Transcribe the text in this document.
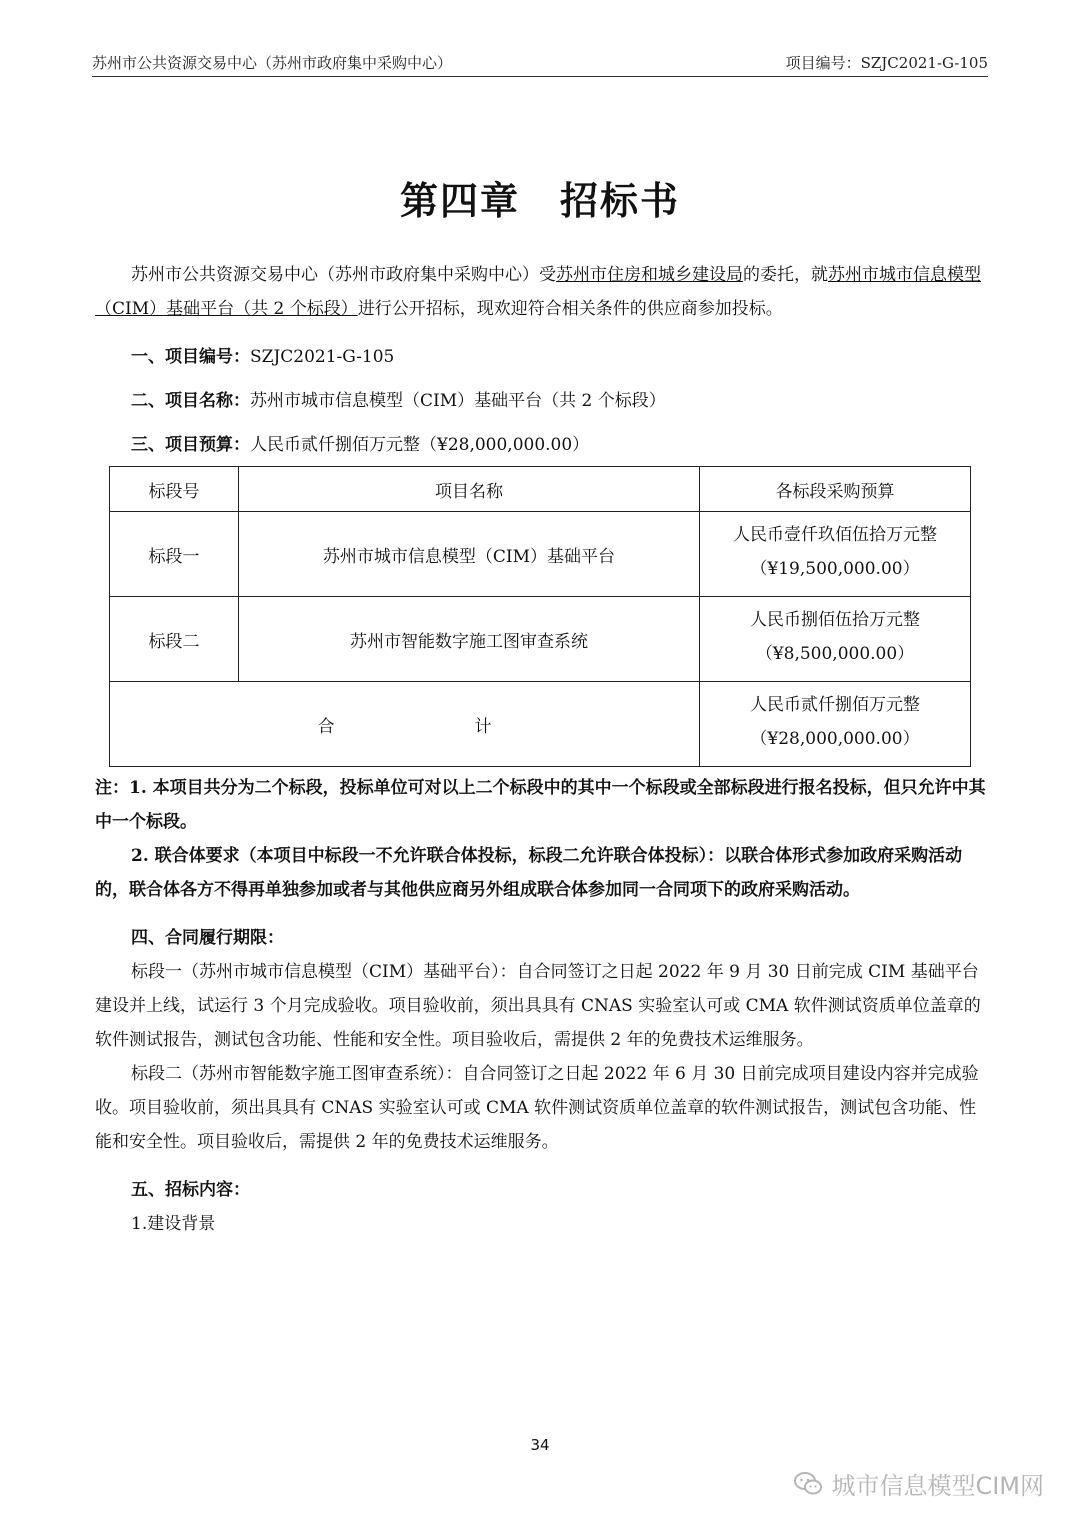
苏州市公共资源交易中心（苏州市政府集中采购中心）	项目编号：SZJC2021-G-105
第四章　招标书

苏州市公共资源交易中心（苏州市政府集中采购中心）受苏州市住房和城乡建设局的委托，就苏州市城市信息模型（CIM）基础平台（共 2 个标段）进行公开招标，现欢迎符合相关条件的供应商参加投标。

一、项目编号：SZJC2021-G-105

二、项目名称：苏州市城市信息模型（CIM）基础平台（共 2 个标段）

三、项目预算：人民币贰仟捌佰万元整（¥28,000,000.00）

标段号	项目名称	各标段采购预算
标段一	苏州市城市信息模型（CIM）基础平台	人民币壹仟玖佰伍拾万元整
（¥19,500,000.00）

标段二	苏州市智能数字施工图审查系统	人民币捌佰伍拾万元整
（¥8,500,000.00）

合 计		人民币贰仟捌佰万元整
（¥28,000,000.00）

注：1. 本项目共分为二个标段，投标单位可对以上二个标段中的其中一个标段或全部标段进行报名投标，但只允许中其中一个标段。

2. 联合体要求（本项目中标段一不允许联合体投标，标段二允许联合体投标）：以联合体形式参加政府采购活动的，联合体各方不得再单独参加或者与其他供应商另外组成联合体参加同一合同项下的政府采购活动。

四、合同履行期限：

标段一（苏州市城市信息模型（CIM）基础平台）：自合同签订之日起 2022 年 9 月 30 日前完成 CIM 基础平台建设并上线，试运行 3 个月完成验收。项目验收前，须出具具有 CNAS 实验室认可或 CMA 软件测试资质单位盖章的软件测试报告，测试包含功能、性能和安全性。项目验收后，需提供 2 年的免费技术运维服务。

标段二（苏州市智能数字施工图审查系统）：自合同签订之日起 2022 年 6 月 30 日前完成项目建设内容并完成验收。项目验收前，须出具具有 CNAS 实验室认可或 CMA 软件测试资质单位盖章的软件测试报告，测试包含功能、性能和安全性。项目验收后，需提供 2 年的免费技术运维服务。

五、招标内容：

1.建设背景

34
城市信息模型CIM网
